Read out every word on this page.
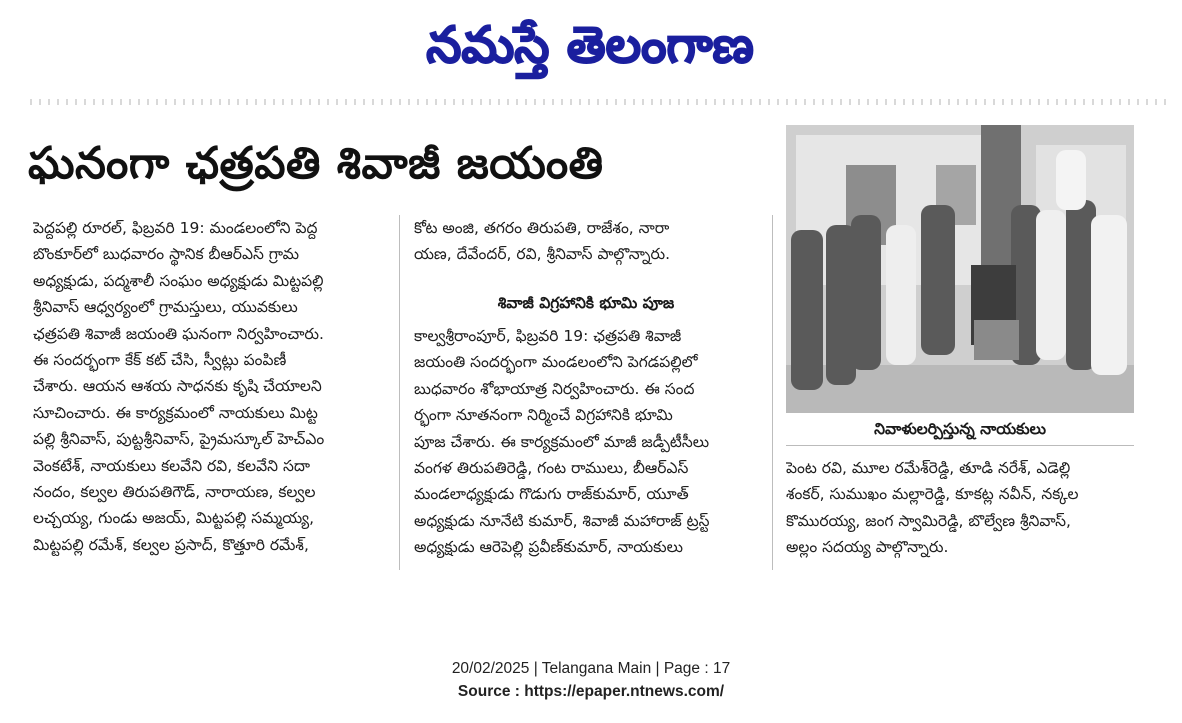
నమస్తే తెలంగాణ
ఘనంగా ఛత్రపతి శివాజీ జయంతి
పెద్దపల్లి రూరల్, ఫిబ్రవరి 19: మండలంలోని పెద్ద
బొంకూర్‌లో బుధవారం స్థానిక బీఆర్‌ఎస్ గ్రామ
అధ్యక్షుడు, పద్మశాలీ సంఘం అధ్యక్షుడు మిట్టపల్లి
శ్రీనివాస్ ఆధ్వర్యంలో గ్రామస్తులు, యువకులు
ఛత్రపతి శివాజీ జయంతి ఘనంగా నిర్వహించారు.
ఈ సందర్భంగా కేక్ కట్ చేసి, స్వీట్లు పంపిణీ
చేశారు. ఆయన ఆశయ సాధనకు కృషి చేయాలని
సూచించారు. ఈ కార్యక్రమంలో నాయకులు మిట్ట
పల్లి శ్రీనివాస్, పుట్టశ్రీనివాస్, ప్రైమస్కూల్ హెచ్ఎం
వెంకటేశ్, నాయకులు కలవేని రవి, కలవేని సదా
నందం, కల్వల తిరుపతిగౌడ్, నారాయణ, కల్వల
లచ్చయ్య, గుండు అజయ్, మిట్టపల్లి సమ్మయ్య,
మిట్టపల్లి రమేశ్, కల్వల ప్రసాద్, కొత్తూరి రమేశ్,
కోట అంజి, తగరం తిరుపతి, రాజేశం, నారా
యణ, దేవేందర్, రవి, శ్రీనివాస్ పాల్గొన్నారు.
శివాజీ విగ్రహానికి భూమి పూజ
కాల్వశ్రీరాంపూర్, ఫిబ్రవరి 19: ఛత్రపతి శివాజీ
జయంతి సందర్భంగా మండలంలోని పెగడపల్లిలో
బుధవారం శోభాయాత్ర నిర్వహించారు. ఈ సంద
ర్భంగా నూతనంగా నిర్మించే విగ్రహానికి భూమి
పూజ చేశారు. ఈ కార్యక్రమంలో మాజీ జడ్పీటీసీలు
వంగళ తిరుపతిరెడ్డి, గంట రాములు, బీఆర్ఎస్
మండలాధ్యక్షుడు గొడుగు రాజ్‌కుమార్, యూత్
అధ్యక్షుడు నూనేటి కుమార్, శివాజీ మహారాజ్ ట్రస్ట్
అధ్యక్షుడు ఆరెపెల్లి ప్రవీణ్‌కుమార్, నాయకులు
నివాళులర్పిస్తున్న నాయకులు
పెంట రవి, మూల రమేశ్‌రెడ్డి, తూడి నరేశ్, ఎడెల్లి
శంకర్, సుముఖం మల్లారెడ్డి, కూకట్ల నవీన్, నక్కల
కొమురయ్య, జంగ స్వామిరెడ్డి, బొల్వేణ శ్రీనివాస్,
అల్లం సదయ్య పాల్గొన్నారు.
20/02/2025 | Telangana Main | Page : 17
Source : https://epaper.ntnews.com/
